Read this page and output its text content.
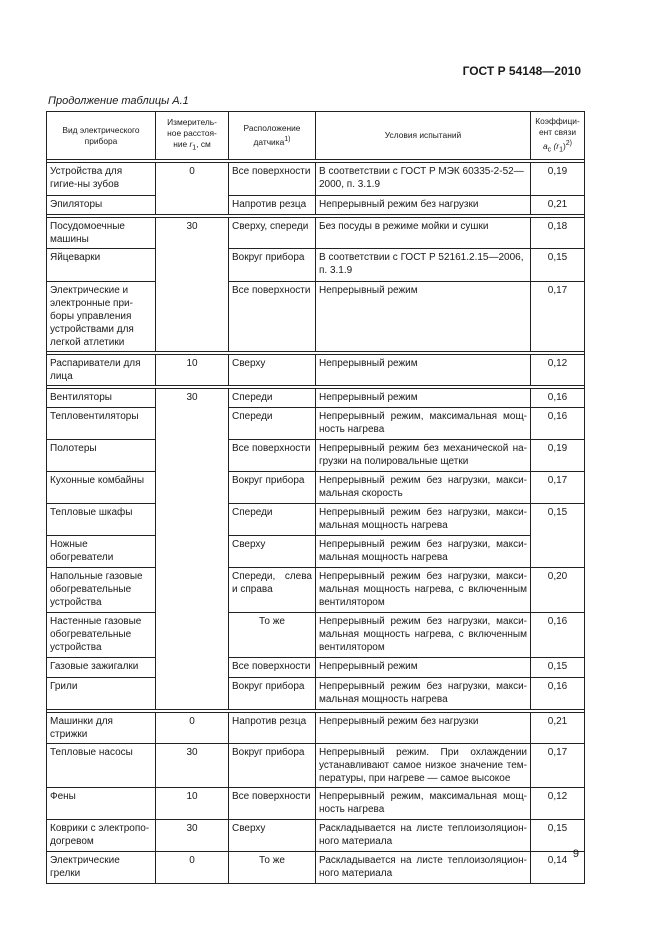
ГОСТ Р 54148—2010
Продолжение таблицы А.1
Вид электрического прибора	Измеритель-
ное расстоя-
ние $r_1$, см	Расположение
датчика$^{1)}$	Условия испытаний	Коэффици-
ент связи
$a_c$ $(r_1)^{2)}$

Устройства для гигие-ны зубов	0	Все поверхности	В соответствии с ГОСТ Р МЭК 60335-2-52—2000, п. 3.1.9	0,19
Эпиляторы		Напротив резца	Непрерывный режим без нагрузки	0,21

Посудомоечные машины	30	Сверху, спереди	Без посуды в режиме мойки и сушки	0,18
Яйцеварки		Вокруг прибора	В соответствии с ГОСТ Р 52161.2.15—2006, п. 3.1.9	0,15
Электрические и электронные при-боры управления устройствами для легкой атлетики		Все поверхности	Непрерывный режим	0,17

Распариватели для лица	10	Сверху	Непрерывный режим	0,12

Вентиляторы	30	Спереди	Непрерывный режим	0,16
Тепловентиляторы		Спереди	Непрерывный режим, максимальная мощ-ность нагрева	0,16
Полотеры		Все поверхности	Непрерывный режим без механической на-грузки на полировальные щетки	0,19
Кухонные комбайны		Вокруг прибора	Непрерывный режим без нагрузки, макси-мальная скорость	0,17
Тепловые шкафы		Спереди	Непрерывный режим без нагрузки, макси-мальная мощность нагрева	0,15
Ножные обогреватели		Сверху	Непрерывный режим без нагрузки, макси-мальная мощность нагрева	
Напольные газовые обогревательные устройства		Спереди, слева и справа	Непрерывный режим без нагрузки, макси-мальная мощность нагрева, с включенным вентилятором	0,20
Настенные газовые обогревательные устройства		То же	Непрерывный режим без нагрузки, макси-мальная мощность нагрева, с включенным вентилятором	0,16
Газовые зажигалки		Все поверхности	Непрерывный режим	0,15
Грили		Вокруг прибора	Непрерывный режим без нагрузки, макси-мальная мощность нагрева	0,16

Машинки для стрижки	0	Напротив резца	Непрерывный режим без нагрузки	0,21
Тепловые насосы	30	Вокруг прибора	Непрерывный режим. При охлаждении устанавливают самое низкое значение тем-пературы, при нагреве — самое высокое	0,17
Фены	10	Все поверхности	Непрерывный режим, максимальная мощ-ность нагрева	0,12
Коврики с электропо-догревом	30	Сверху	Раскладывается на листе теплоизоляцион-ного материала	0,15
Электрические грелки	0	То же	Раскладывается на листе теплоизоляцион-ного материала	0,14
9
